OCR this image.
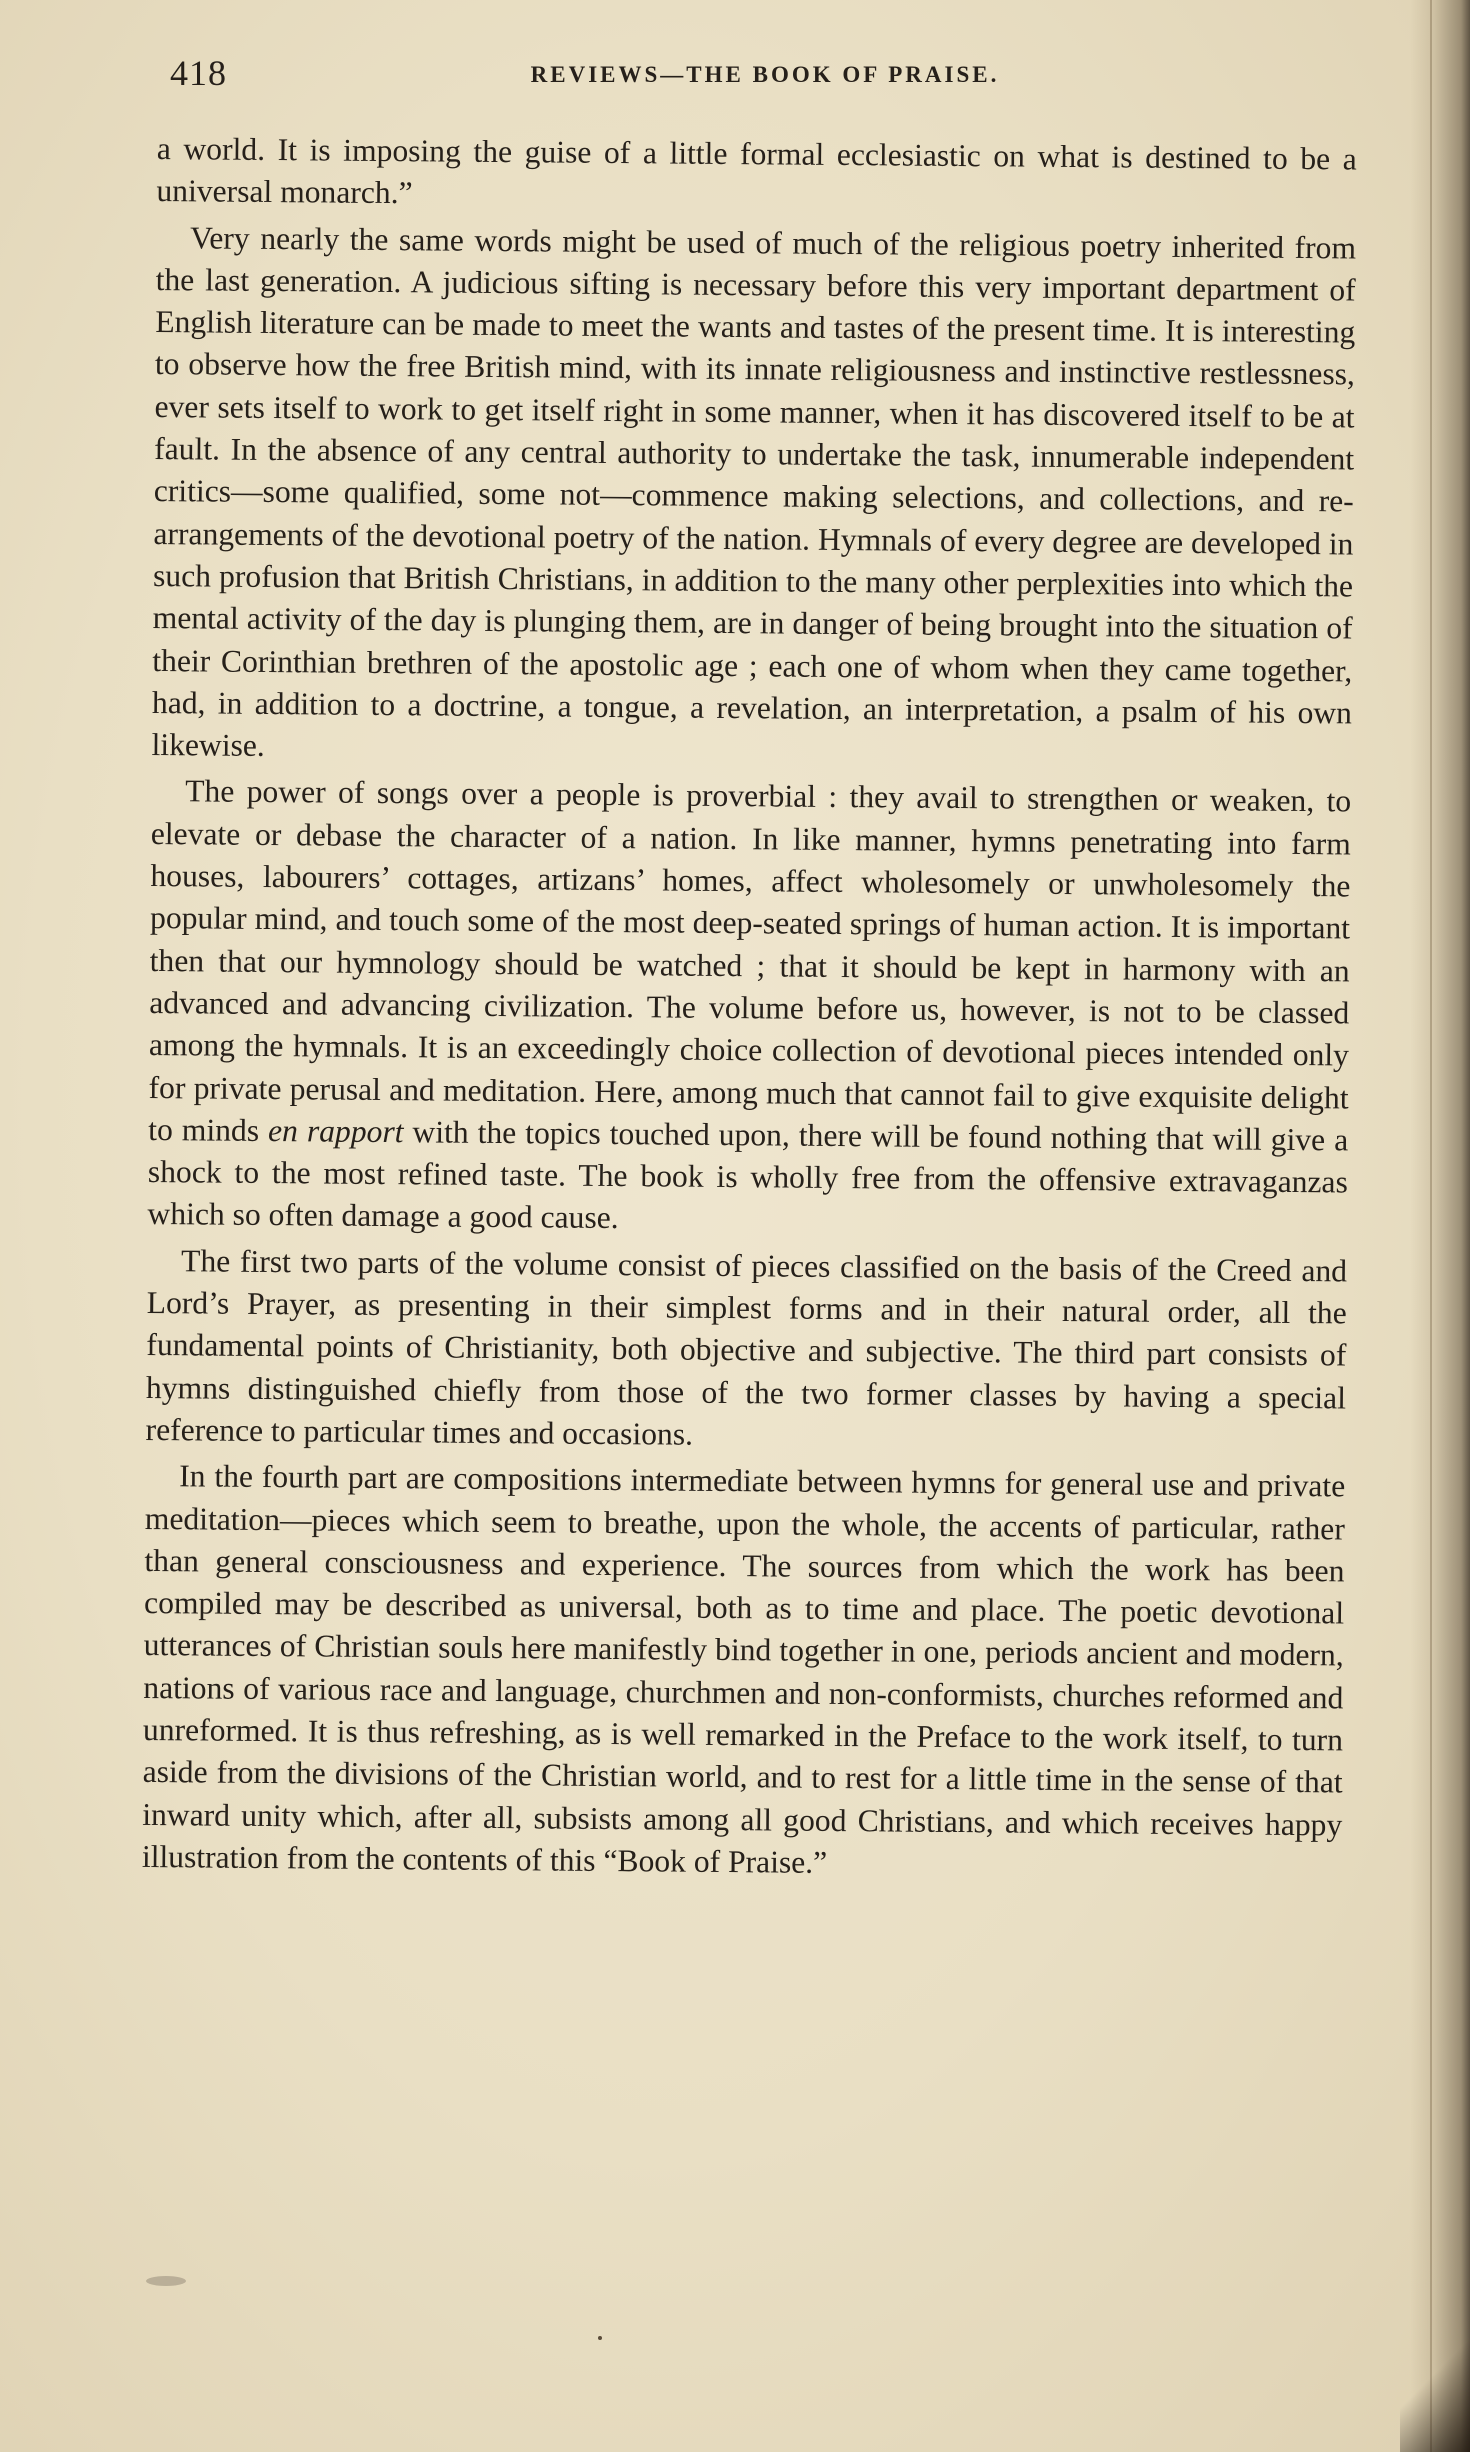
418	REVIEWS—THE BOOK OF PRAISE.

a world. It is imposing the guise of a little formal ecclesiastic on what is destined to be a universal monarch.”

Very nearly the same words might be used of much of the religious poetry inherited from the last generation. A judicious sifting is necessary before this very important department of English literature can be made to meet the wants and tastes of the present time. It is interesting to observe how the free British mind, with its innate religiousness and instinctive restlessness, ever sets itself to work to get itself right in some manner, when it has discovered itself to be at fault. In the absence of any central authority to undertake the task, innumerable independent critics—some qualified, some not—commence making selections, and collections, and re-arrangements of the devotional poetry of the nation. Hymnals of every degree are developed in such profusion that British Christians, in addition to the many other perplexities into which the mental activity of the day is plunging them, are in danger of being brought into the situation of their Corinthian brethren of the apostolic age ; each one of whom when they came together, had, in addition to a doctrine, a tongue, a revelation, an interpretation, a psalm of his own likewise.

The power of songs over a people is proverbial : they avail to strengthen or weaken, to elevate or debase the character of a nation. In like manner, hymns penetrating into farm houses, labourers’ cottages, artizans’ homes, affect wholesomely or unwholesomely the popular mind, and touch some of the most deep-seated springs of human action. It is important then that our hymnology should be watched ; that it should be kept in harmony with an advanced and advancing civilization. The volume before us, however, is not to be classed among the hymnals. It is an exceedingly choice collection of devotional pieces intended only for private perusal and meditation. Here, among much that cannot fail to give exquisite delight to minds en rapport with the topics touched upon, there will be found nothing that will give a shock to the most refined taste. The book is wholly free from the offensive extravaganzas which so often damage a good cause.

The first two parts of the volume consist of pieces classified on the basis of the Creed and Lord’s Prayer, as presenting in their simplest forms and in their natural order, all the fundamental points of Christianity, both objective and subjective. The third part consists of hymns distinguished chiefly from those of the two former classes by having a special reference to particular times and occasions.

In the fourth part are compositions intermediate between hymns for general use and private meditation—pieces which seem to breathe, upon the whole, the accents of particular, rather than general consciousness and experience. The sources from which the work has been compiled may be described as universal, both as to time and place. The poetic devotional utterances of Christian souls here manifestly bind together in one, periods ancient and modern, nations of various race and language, churchmen and non-conformists, churches reformed and unreformed. It is thus refreshing, as is well remarked in the Preface to the work itself, to turn aside from the divisions of the Christian world, and to rest for a little time in the sense of that inward unity which, after all, subsists among all good Christians, and which receives happy illustration from the contents of this “Book of Praise.”
